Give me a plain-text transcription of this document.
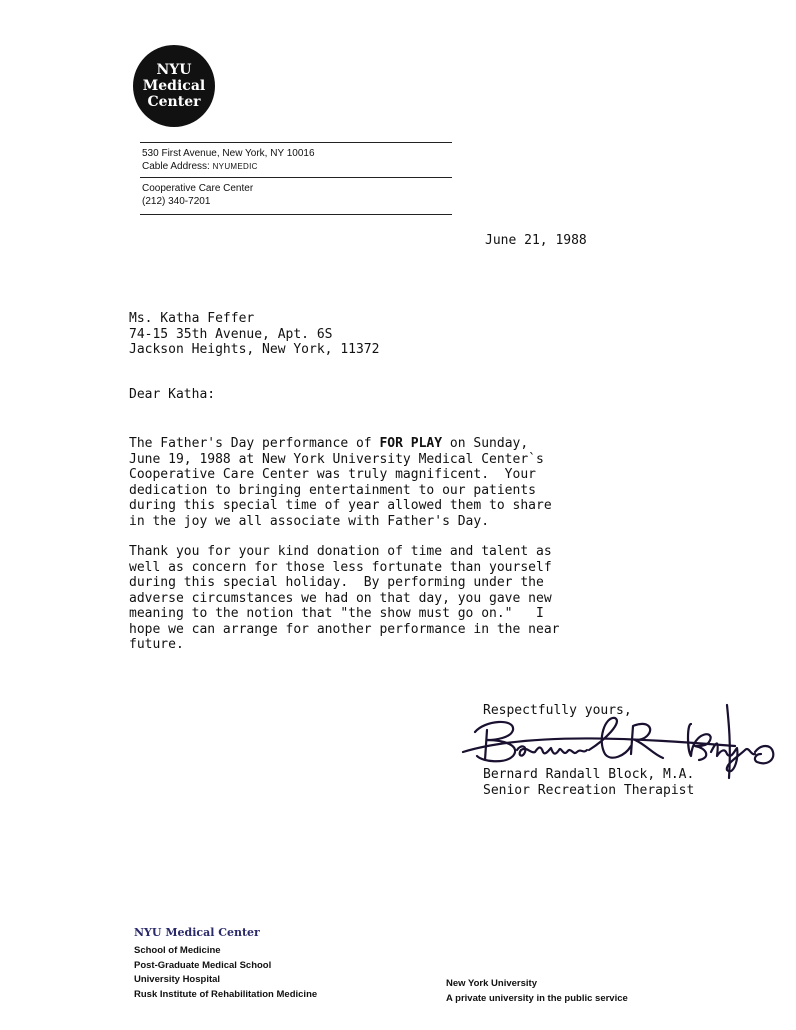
NYU
Medical
Center
530 First Avenue, New York, NY 10016
Cable Address: NYUMEDIC
Cooperative Care Center
(212) 340-7201
June 21, 1988
Ms. Katha Feffer
74-15 35th Avenue, Apt. 6S
Jackson Heights, New York, 11372
Dear Katha:
The Father's Day performance of FOR PLAY on Sunday,
June 19, 1988 at New York University Medical Center`s
Cooperative Care Center was truly magnificent.  Your
dedication to bringing entertainment to our patients
during this special time of year allowed them to share
in the joy we all associate with Father's Day.
Thank you for your kind donation of time and talent as
well as concern for those less fortunate than yourself
during this special holiday.  By performing under the
adverse circumstances we had on that day, you gave new
meaning to the notion that "the show must go on."   I
hope we can arrange for another performance in the near
future.
Respectfully yours,
Bernard Randall Block, M.A.
Senior Recreation Therapist
NYU Medical Center
School of Medicine
Post-Graduate Medical School
University Hospital
Rusk Institute of Rehabilitation Medicine
New York University
A private university in the public service
